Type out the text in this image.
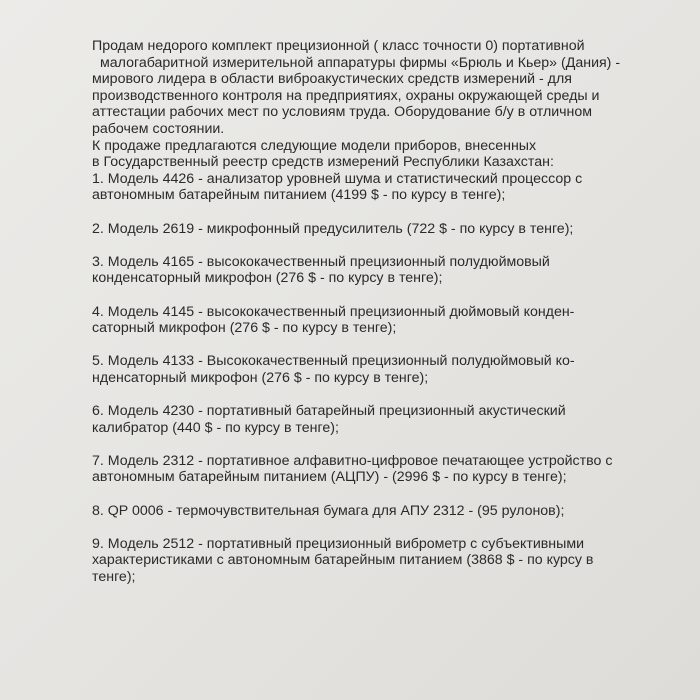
Продам недорого комплект прецизионной ( класс точности 0) портативной
малогабаритной измерительной аппаратуры фирмы «Брюль и Кьер» (Дания) -
мирового лидера в области виброакустических средств измерений - для
производственного контроля на предприятиях, охраны окружающей среды и
аттестации рабочих мест по условиям труда. Оборудование б/у в отличном
рабочем состоянии.
К продаже предлагаются следующие модели приборов, внесенных
в Государственный реестр средств измерений Республики Казахстан:
1. Модель 4426 - анализатор уровней шума и статистический процессор с
автономным батарейным питанием (4199 $ - по курсу в тенге);
2. Модель 2619 - микрофонный предусилитель (722 $ - по курсу в тенге);
3. Модель 4165 - высококачественный прецизионный полудюймовый
конденсаторный микрофон (276 $ - по курсу в тенге);
4. Модель 4145 - высококачественный прецизионный дюймовый конден-
саторный микрофон (276 $ - по курсу в тенге);
5. Модель 4133 - Высококачественный прецизионный полудюймовый ко-
нденсаторный микрофон (276 $ - по курсу в тенге);
6. Модель 4230 - портативный батарейный прецизионный акустический
калибратор (440 $ - по курсу в тенге);
7. Модель 2312 - портативное алфавитно-цифровое печатающее устройство с
автономным батарейным питанием (АЦПУ) - (2996 $ - по курсу в тенге);
8. QP 0006 - термочувствительная бумага для АПУ 2312 - (95 рулонов);
9. Модель 2512 - портативный прецизионный виброметр с субъективными
характеристиками с автономным батарейным питанием (3868 $ - по курсу в
тенге);
